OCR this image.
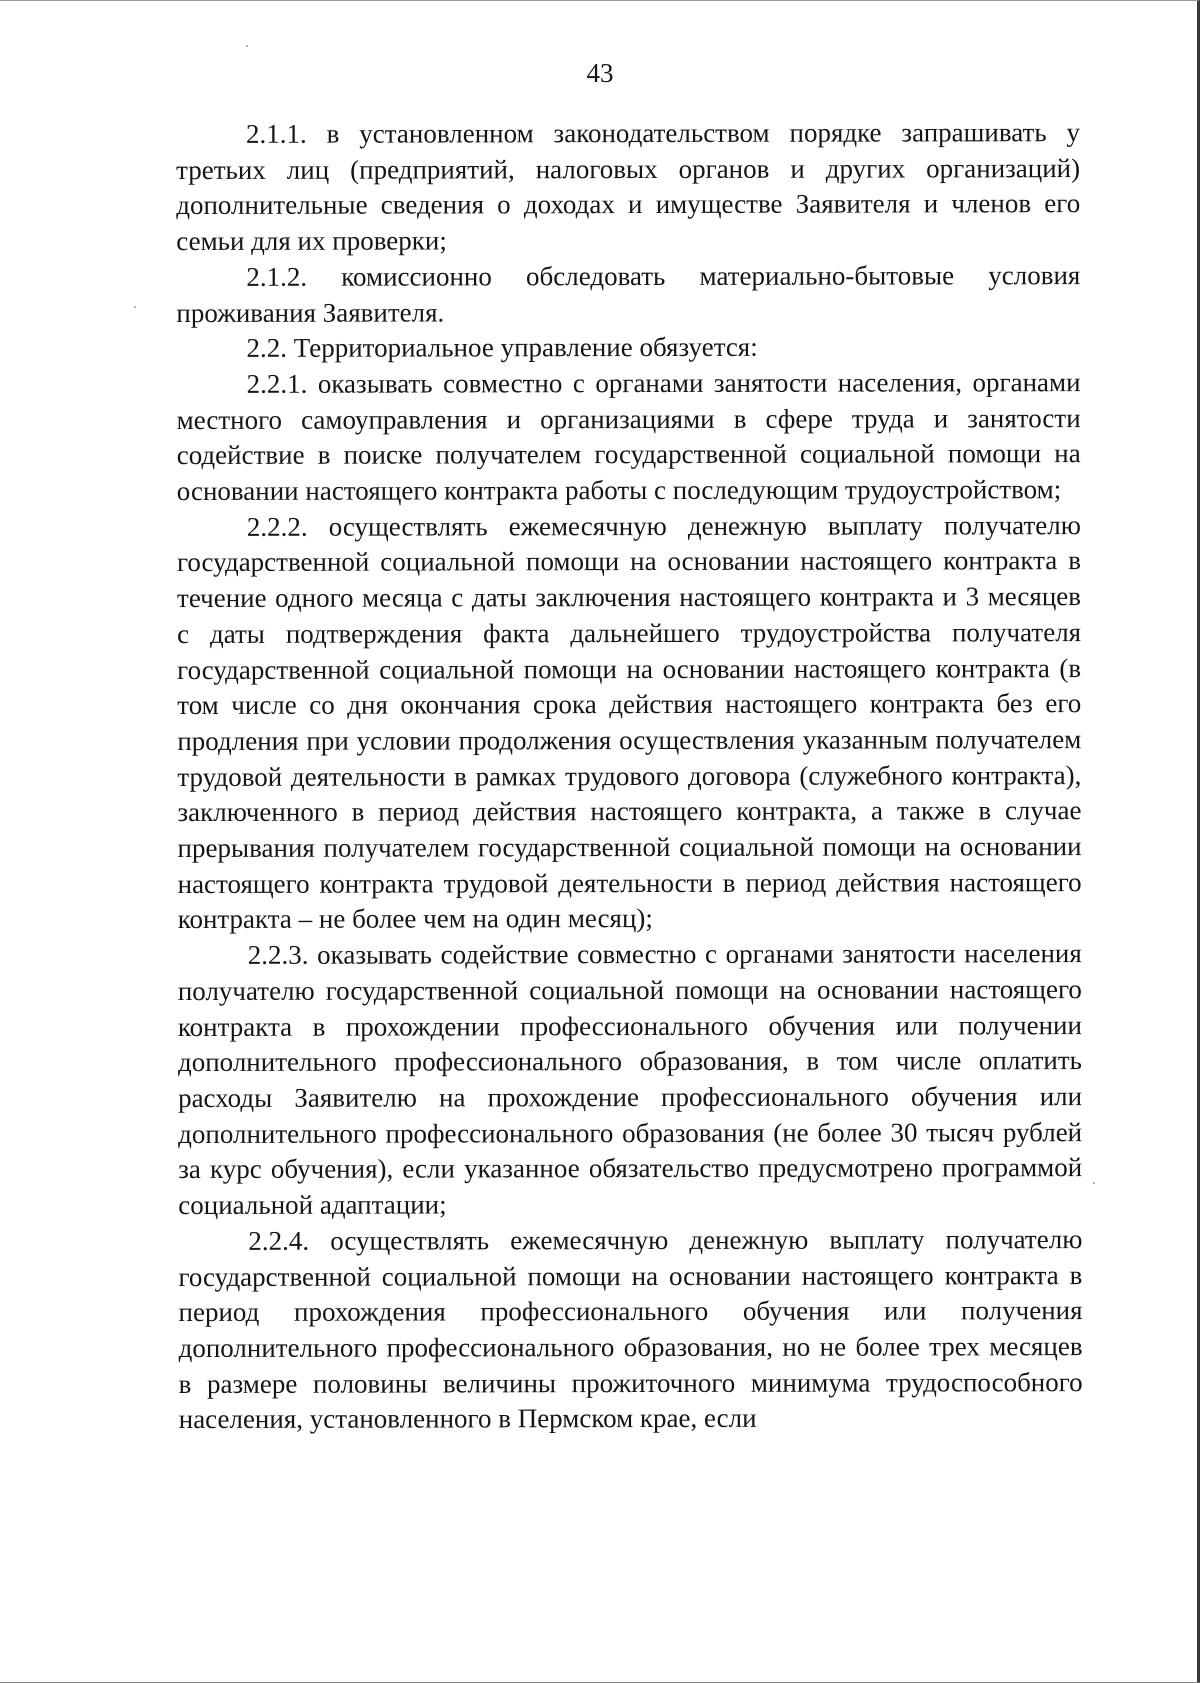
43

2.1.1. в установленном законодательством порядке запрашивать у третьих лиц (предприятий, налоговых органов и других организаций) дополнительные сведения о доходах и имуществе Заявителя и членов его семьи для их проверки;

2.1.2. комиссионно обследовать материально-бытовые условия проживания Заявителя.

2.2. Территориальное управление обязуется:

2.2.1. оказывать совместно с органами занятости населения, органами местного самоуправления и организациями в сфере труда и занятости содействие в поиске получателем государственной социальной помощи на основании настоящего контракта работы с последующим трудоустройством;

2.2.2. осуществлять ежемесячную денежную выплату получателю государственной социальной помощи на основании настоящего контракта в течение одного месяца с даты заключения настоящего контракта и 3 месяцев с даты подтверждения факта дальнейшего трудоустройства получателя государственной социальной помощи на основании настоящего контракта (в том числе со дня окончания срока действия настоящего контракта без его продления при условии продолжения осуществления указанным получателем трудовой деятельности в рамках трудового договора (служебного контракта), заключенного в период действия настоящего контракта, а также в случае прерывания получателем государственной социальной помощи на основании настоящего контракта трудовой деятельности в период действия настоящего контракта – не более чем на один месяц);

2.2.3. оказывать содействие совместно с органами занятости населения получателю государственной социальной помощи на основании настоящего контракта в прохождении профессионального обучения или получении дополнительного профессионального образования, в том числе оплатить расходы Заявителю на прохождение профессионального обучения или дополнительного профессионального образования (не более 30 тысяч рублей за курс обучения), если указанное обязательство предусмотрено программой социальной адаптации;

2.2.4. осуществлять ежемесячную денежную выплату получателю государственной социальной помощи на основании настоящего контракта в период прохождения профессионального обучения или получения дополнительного профессионального образования, но не более трех месяцев в размере половины величины прожиточного минимума трудоспособного населения, установленного в Пермском крае, если
